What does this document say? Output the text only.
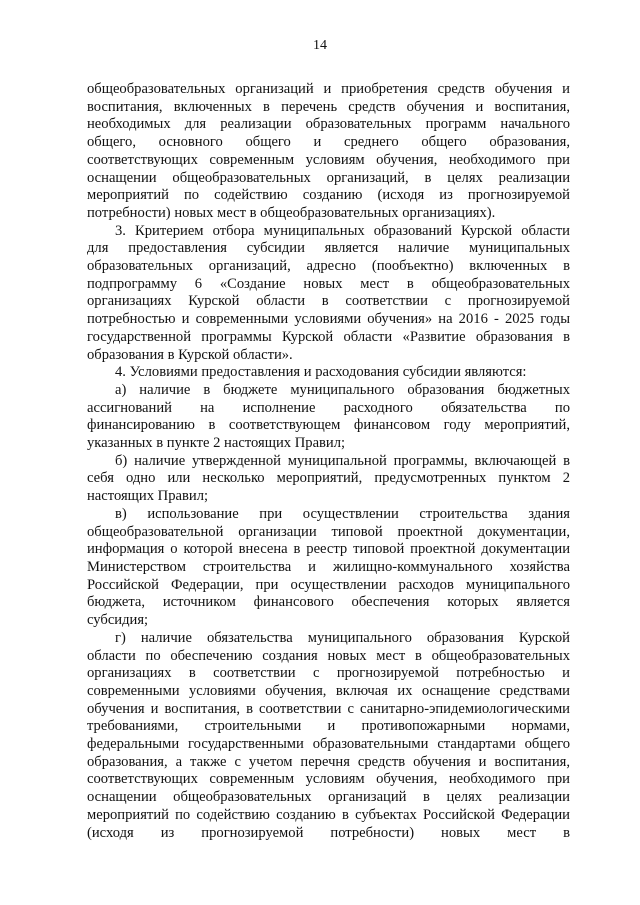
14
общеобразовательных организаций и приобретения средств обучения и
воспитания, включенных в перечень средств обучения и воспитания,
необходимых для реализации образовательных программ начального
общего, основного общего и среднего общего образования,
соответствующих современным условиям обучения, необходимого при
оснащении общеобразовательных организаций, в целях реализации
мероприятий по содействию созданию (исходя из прогнозируемой
потребности) новых мест в общеобразовательных организациях).
3. Критерием отбора муниципальных образований Курской области
для предоставления субсидии является наличие муниципальных
образовательных организаций, адресно (пообъектно) включенных в
подпрограмму 6 «Создание новых мест в общеобразовательных
организациях Курской области в соответствии с прогнозируемой
потребностью и современными условиями обучения» на 2016 - 2025 годы
государственной программы Курской области «Развитие образования в
образования в Курской области».
4. Условиями предоставления и расходования субсидии являются:
а) наличие в бюджете муниципального образования бюджетных
ассигнований на исполнение расходного обязательства по
финансированию в соответствующем финансовом году мероприятий,
указанных в пункте 2 настоящих Правил;
б) наличие утвержденной муниципальной программы, включающей в
себя одно или несколько мероприятий, предусмотренных пунктом 2
настоящих Правил;
в) использование при осуществлении строительства здания
общеобразовательной организации типовой проектной документации,
информация о которой внесена в реестр типовой проектной документации
Министерством строительства и жилищно-коммунального хозяйства
Российской Федерации, при осуществлении расходов муниципального
бюджета, источником финансового обеспечения которых является
субсидия;
г) наличие обязательства муниципального образования Курской
области по обеспечению создания новых мест в общеобразовательных
организациях в соответствии с прогнозируемой потребностью и
современными условиями обучения, включая их оснащение средствами
обучения и воспитания, в соответствии с санитарно-эпидемиологическими
требованиями, строительными и противопожарными нормами,
федеральными государственными образовательными стандартами общего
образования, а также с учетом перечня средств обучения и воспитания,
соответствующих современным условиям обучения, необходимого при
оснащении общеобразовательных организаций в целях реализации
мероприятий по содействию созданию в субъектах Российской Федерации
(исходя из прогнозируемой потребности) новых мест в
